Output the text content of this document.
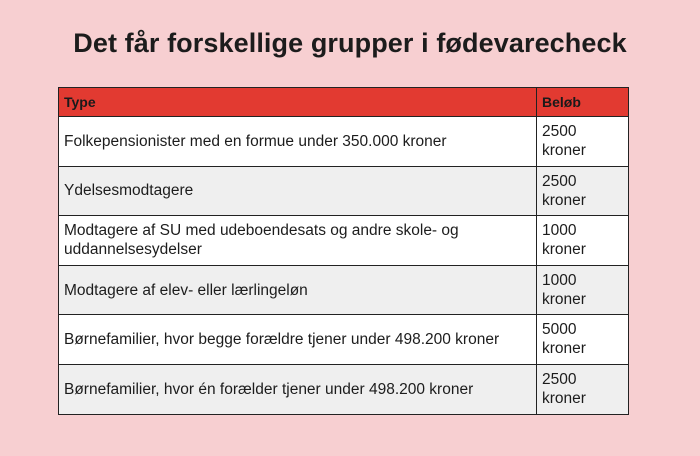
Det får forskellige grupper i fødevarecheck
Type	Beløb
Folkepensionister med en formue under 350.000 kroner	2500 kroner
Ydelsesmodtagere	2500 kroner
Modtagere af SU med udeboendesats og andre skole- og uddannelsesydelser	1000 kroner
Modtagere af elev- eller lærlingeløn	1000 kroner
Børnefamilier, hvor begge forældre tjener under 498.200 kroner	5000 kroner
Børnefamilier, hvor én forælder tjener under 498.200 kroner	2500 kroner
